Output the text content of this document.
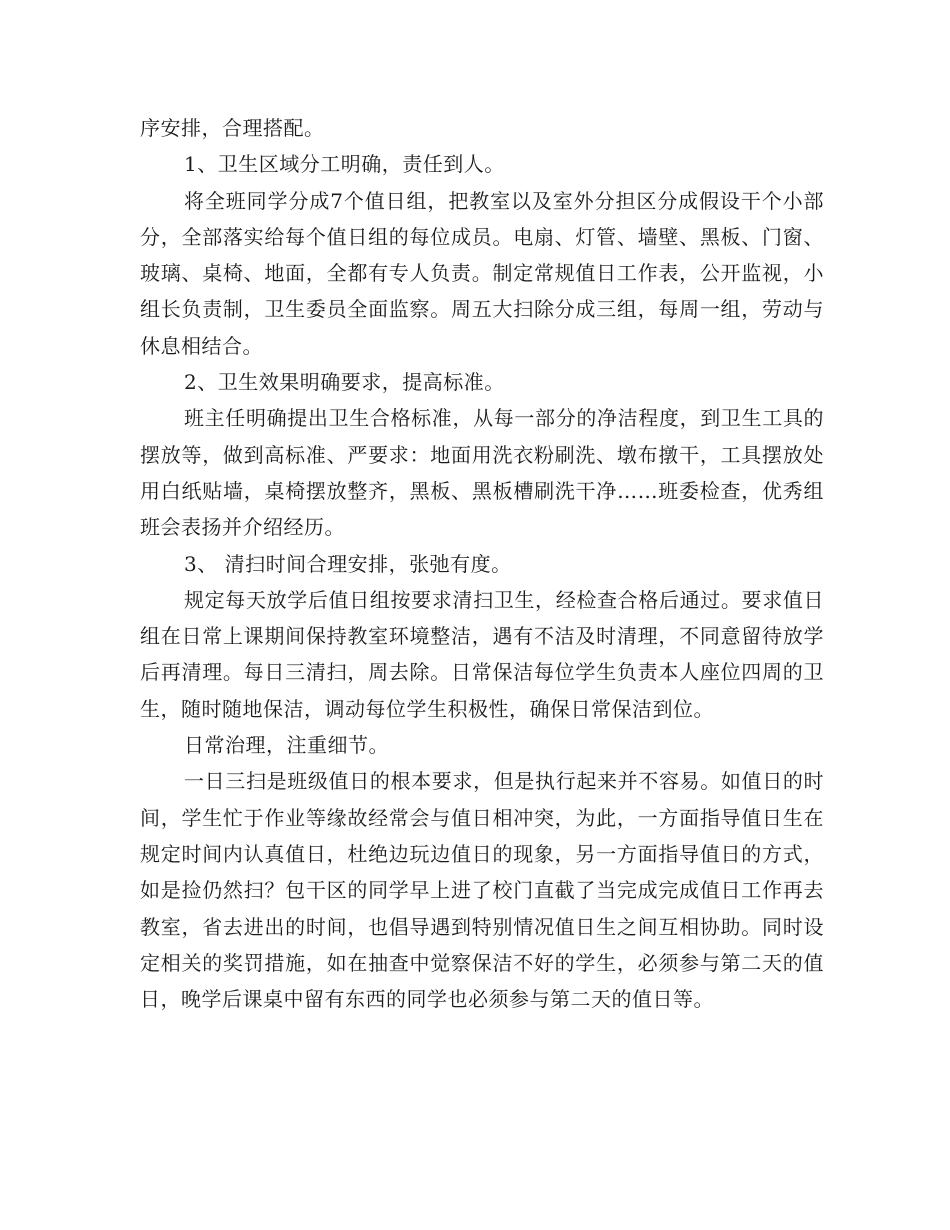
序安排，合理搭配。

1、卫生区域分工明确，责任到人。

将全班同学分成7个值日组，把教室以及室外分担区分成假设干个小部分，全部落实给每个值日组的每位成员。电扇、灯管、墙壁、黑板、门窗、玻璃、桌椅、地面，全都有专人负责。制定常规值日工作表，公开监视，小组长负责制，卫生委员全面监察。周五大扫除分成三组，每周一组，劳动与休息相结合。

2、卫生效果明确要求，提高标准。

班主任明确提出卫生合格标准，从每一部分的净洁程度，到卫生工具的摆放等，做到高标准、严要求：地面用洗衣粉刷洗、墩布撴干，工具摆放处用白纸贴墙，桌椅摆放整齐，黑板、黑板槽刷洗干净……班委检查，优秀组班会表扬并介绍经历。

3、 清扫时间合理安排，张弛有度。

规定每天放学后值日组按要求清扫卫生，经检查合格后通过。要求值日组在日常上课期间保持教室环境整洁，遇有不洁及时清理，不同意留待放学后再清理。每日三清扫，周去除。日常保洁每位学生负责本人座位四周的卫生，随时随地保洁，调动每位学生积极性，确保日常保洁到位。

日常治理，注重细节。

一日三扫是班级值日的根本要求，但是执行起来并不容易。如值日的时间，学生忙于作业等缘故经常会与值日相冲突，为此，一方面指导值日生在规定时间内认真值日，杜绝边玩边值日的现象，另一方面指导值日的方式，如是捡仍然扫？包干区的同学早上进了校门直截了当完成完成值日工作再去教室，省去进出的时间，也倡导遇到特别情况值日生之间互相协助。同时设定相关的奖罚措施，如在抽查中觉察保洁不好的学生，必须参与第二天的值日，晚学后课桌中留有东西的同学也必须参与第二天的值日等。
